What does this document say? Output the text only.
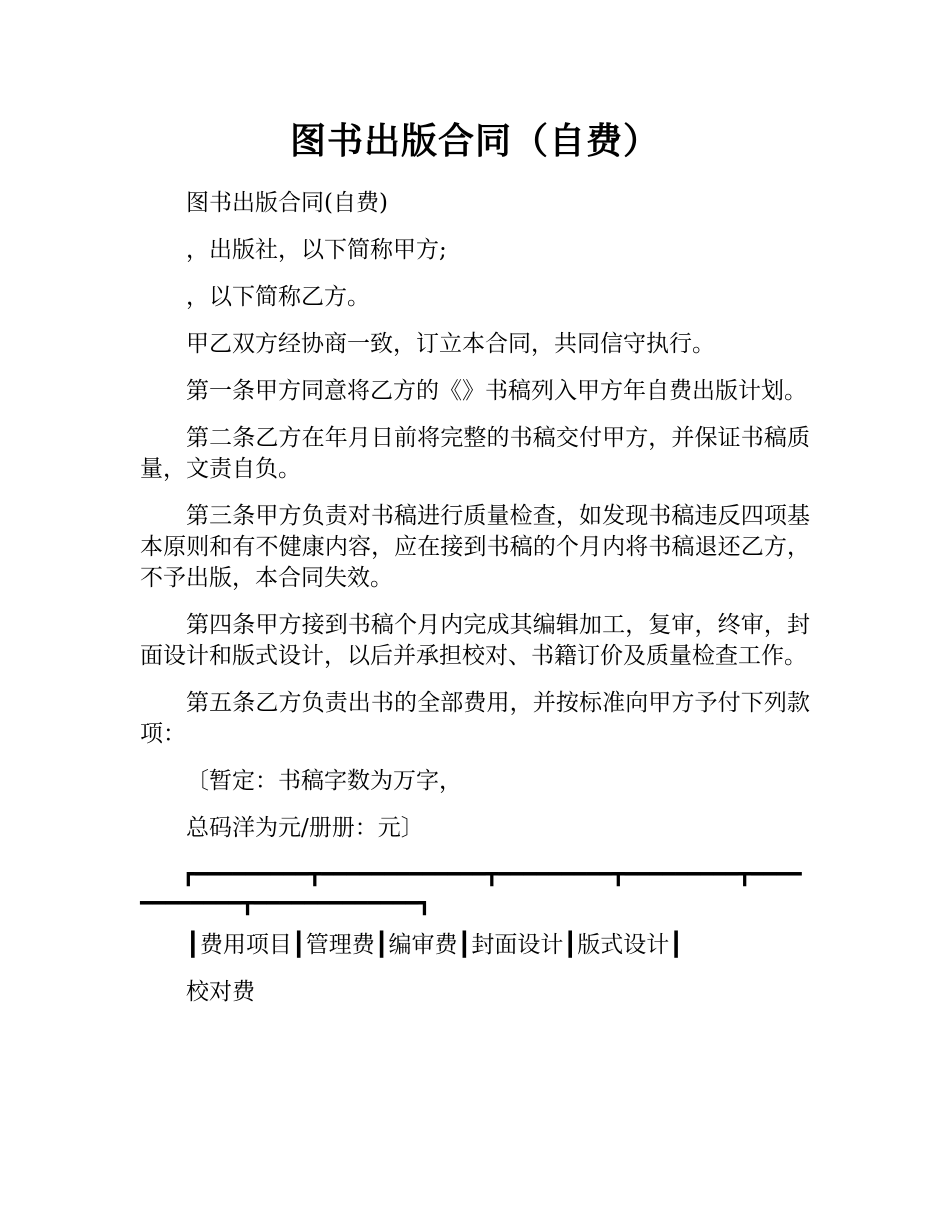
图书出版合同（自费）

图书出版合同(自费)

，出版社，以下简称甲方;

，以下简称乙方。

甲乙双方经协商一致，订立本合同，共同信守执行。

第一条甲方同意将乙方的《》书稿列入甲方年自费出版计划。

第二条乙方在年月日前将完整的书稿交付甲方，并保证书稿质量，文责自负。

第三条甲方负责对书稿进行质量检查，如发现书稿违反四项基本原则和有不健康内容，应在接到书稿的个月内将书稿退还乙方，不予出版，本合同失效。

第四条甲方接到书稿个月内完成其编辑加工，复审，终审，封面设计和版式设计，以后并承担校对、书籍订价及质量检查工作。

第五条乙方负责出书的全部费用，并按标准向甲方予付下列款项：

〔暂定：书稿字数为万字，

总码洋为元/册册：元〕

┏━━━━━━━━━┳━━━━━━━━━━━━━┳━━━━━━━━━┳━━━━━━━━━┳━━━━━━━━━━━━┳━━━━━━━━━━━━━┓

┃费用项目┃管理费┃编审费┃封面设计┃版式设计┃

校对费
